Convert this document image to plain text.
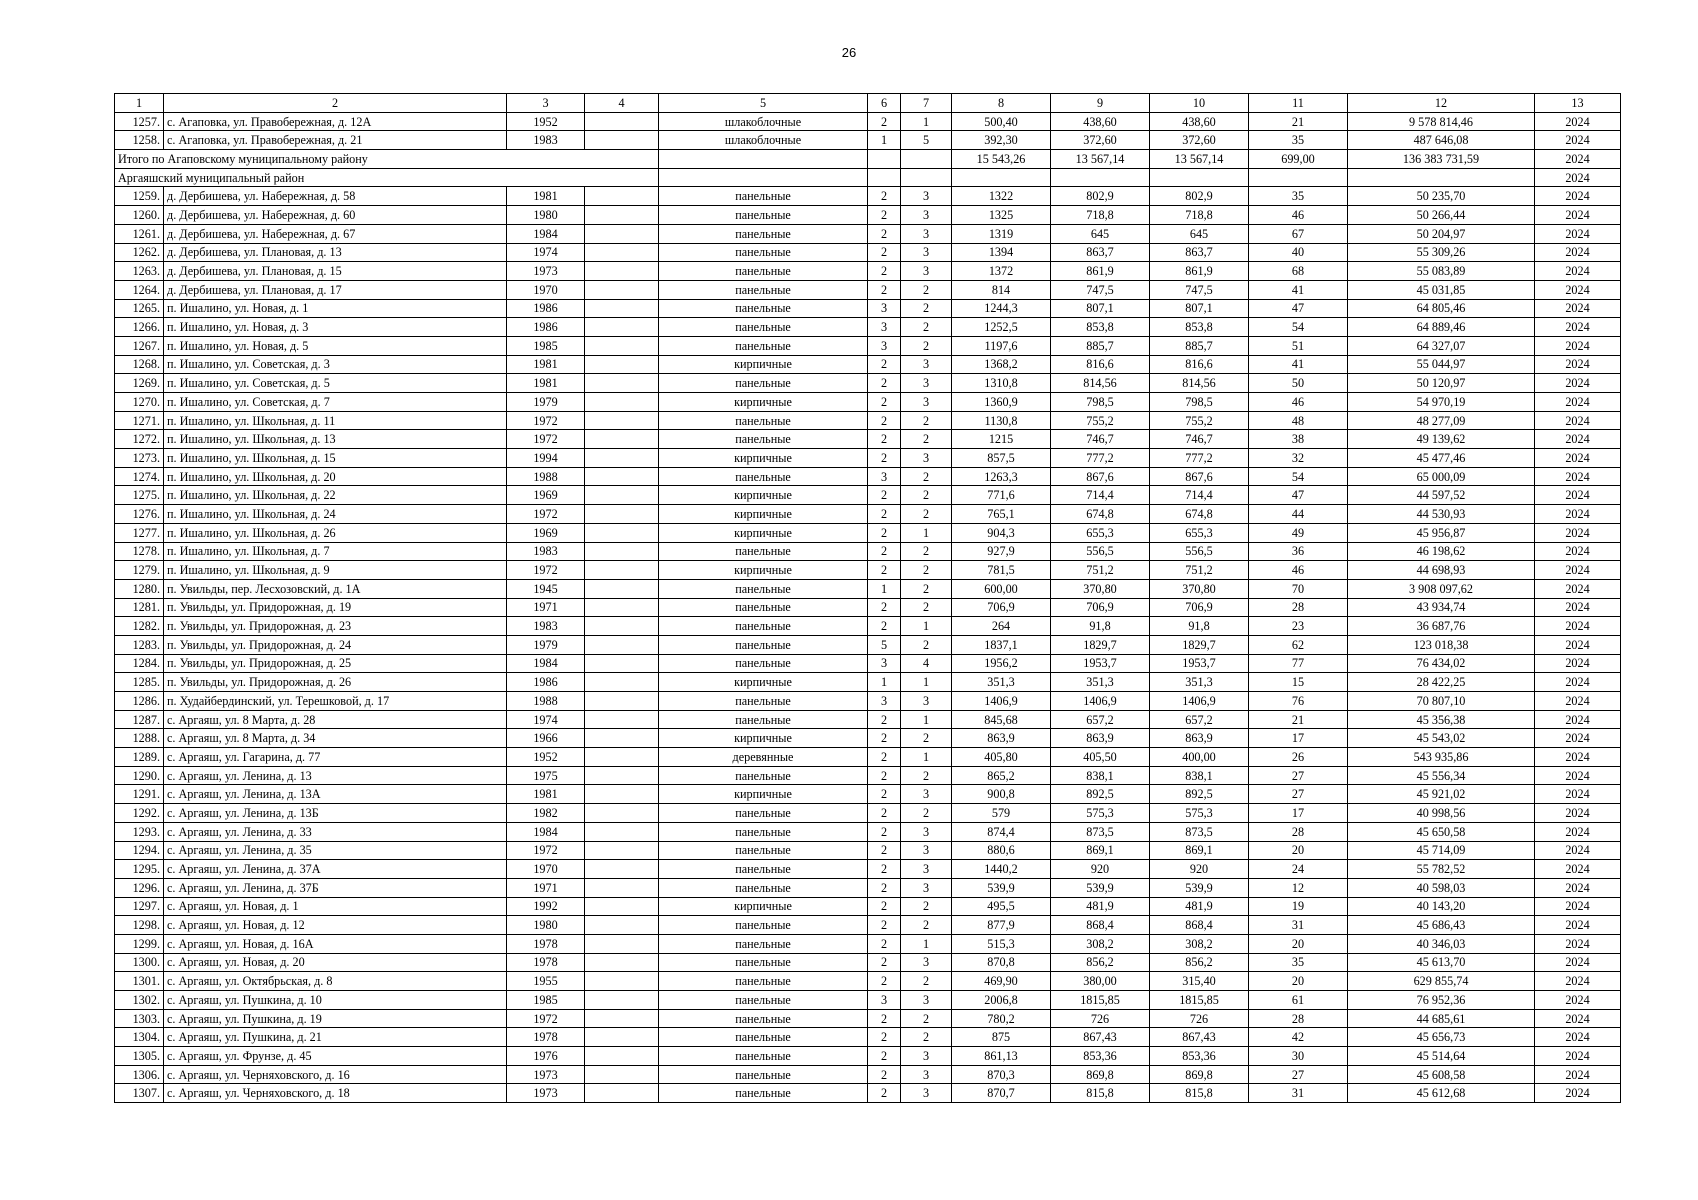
26
1	2	3	4	5	6	7	8	9	10	11	12	13
1257.	с. Агаповка, ул. Правобережная, д. 12А	1952		шлакоблочные	2	1	500,40	438,60	438,60	21	9 578 814,46	2024
1258.	с. Агаповка, ул. Правобережная, д. 21	1983		шлакоблочные	1	5	392,30	372,60	372,60	35	487 646,08	2024
Итого по Агаповскому муниципальному району							15 543,26	13 567,14	13 567,14	699,00	136 383 731,59	2024
Аргаяшский муниципальный район												2024
1259.	д. Дербишева, ул. Набережная, д. 58	1981		панельные	2	3	1322	802,9	802,9	35	50 235,70	2024
1260.	д. Дербишева, ул. Набережная, д. 60	1980		панельные	2	3	1325	718,8	718,8	46	50 266,44	2024
1261.	д. Дербишева, ул. Набережная, д. 67	1984		панельные	2	3	1319	645	645	67	50 204,97	2024
1262.	д. Дербишева, ул. Плановая, д. 13	1974		панельные	2	3	1394	863,7	863,7	40	55 309,26	2024
1263.	д. Дербишева, ул. Плановая, д. 15	1973		панельные	2	3	1372	861,9	861,9	68	55 083,89	2024
1264.	д. Дербишева, ул. Плановая, д. 17	1970		панельные	2	2	814	747,5	747,5	41	45 031,85	2024
1265.	п. Ишалино, ул. Новая, д. 1	1986		панельные	3	2	1244,3	807,1	807,1	47	64 805,46	2024
1266.	п. Ишалино, ул. Новая, д. 3	1986		панельные	3	2	1252,5	853,8	853,8	54	64 889,46	2024
1267.	п. Ишалино, ул. Новая, д. 5	1985		панельные	3	2	1197,6	885,7	885,7	51	64 327,07	2024
1268.	п. Ишалино, ул. Советская, д. 3	1981		кирпичные	2	3	1368,2	816,6	816,6	41	55 044,97	2024
1269.	п. Ишалино, ул. Советская, д. 5	1981		панельные	2	3	1310,8	814,56	814,56	50	50 120,97	2024
1270.	п. Ишалино, ул. Советская, д. 7	1979		кирпичные	2	3	1360,9	798,5	798,5	46	54 970,19	2024
1271.	п. Ишалино, ул. Школьная, д. 11	1972		панельные	2	2	1130,8	755,2	755,2	48	48 277,09	2024
1272.	п. Ишалино, ул. Школьная, д. 13	1972		панельные	2	2	1215	746,7	746,7	38	49 139,62	2024
1273.	п. Ишалино, ул. Школьная, д. 15	1994		кирпичные	2	3	857,5	777,2	777,2	32	45 477,46	2024
1274.	п. Ишалино, ул. Школьная, д. 20	1988		панельные	3	2	1263,3	867,6	867,6	54	65 000,09	2024
1275.	п. Ишалино, ул. Школьная, д. 22	1969		кирпичные	2	2	771,6	714,4	714,4	47	44 597,52	2024
1276.	п. Ишалино, ул. Школьная, д. 24	1972		кирпичные	2	2	765,1	674,8	674,8	44	44 530,93	2024
1277.	п. Ишалино, ул. Школьная, д. 26	1969		кирпичные	2	1	904,3	655,3	655,3	49	45 956,87	2024
1278.	п. Ишалино, ул. Школьная, д. 7	1983		панельные	2	2	927,9	556,5	556,5	36	46 198,62	2024
1279.	п. Ишалино, ул. Школьная, д. 9	1972		кирпичные	2	2	781,5	751,2	751,2	46	44 698,93	2024
1280.	п. Увильды, пер. Лесхозовский, д. 1А	1945		панельные	1	2	600,00	370,80	370,80	70	3 908 097,62	2024
1281.	п. Увильды, ул. Придорожная, д. 19	1971		панельные	2	2	706,9	706,9	706,9	28	43 934,74	2024
1282.	п. Увильды, ул. Придорожная, д. 23	1983		панельные	2	1	264	91,8	91,8	23	36 687,76	2024
1283.	п. Увильды, ул. Придорожная, д. 24	1979		панельные	5	2	1837,1	1829,7	1829,7	62	123 018,38	2024
1284.	п. Увильды, ул. Придорожная, д. 25	1984		панельные	3	4	1956,2	1953,7	1953,7	77	76 434,02	2024
1285.	п. Увильды, ул. Придорожная, д. 26	1986		кирпичные	1	1	351,3	351,3	351,3	15	28 422,25	2024
1286.	п. Худайбердинский, ул. Терешковой, д. 17	1988		панельные	3	3	1406,9	1406,9	1406,9	76	70 807,10	2024
1287.	с. Аргаяш, ул. 8 Марта, д. 28	1974		панельные	2	1	845,68	657,2	657,2	21	45 356,38	2024
1288.	с. Аргаяш, ул. 8 Марта, д. 34	1966		кирпичные	2	2	863,9	863,9	863,9	17	45 543,02	2024
1289.	с. Аргаяш, ул. Гагарина, д. 77	1952		деревянные	2	1	405,80	405,50	400,00	26	543 935,86	2024
1290.	с. Аргаяш, ул. Ленина, д. 13	1975		панельные	2	2	865,2	838,1	838,1	27	45 556,34	2024
1291.	с. Аргаяш, ул. Ленина, д. 13А	1981		кирпичные	2	3	900,8	892,5	892,5	27	45 921,02	2024
1292.	с. Аргаяш, ул. Ленина, д. 13Б	1982		панельные	2	2	579	575,3	575,3	17	40 998,56	2024
1293.	с. Аргаяш, ул. Ленина, д. 33	1984		панельные	2	3	874,4	873,5	873,5	28	45 650,58	2024
1294.	с. Аргаяш, ул. Ленина, д. 35	1972		панельные	2	3	880,6	869,1	869,1	20	45 714,09	2024
1295.	с. Аргаяш, ул. Ленина, д. 37А	1970		панельные	2	3	1440,2	920	920	24	55 782,52	2024
1296.	с. Аргаяш, ул. Ленина, д. 37Б	1971		панельные	2	3	539,9	539,9	539,9	12	40 598,03	2024
1297.	с. Аргаяш, ул. Новая, д. 1	1992		кирпичные	2	2	495,5	481,9	481,9	19	40 143,20	2024
1298.	с. Аргаяш, ул. Новая, д. 12	1980		панельные	2	2	877,9	868,4	868,4	31	45 686,43	2024
1299.	с. Аргаяш, ул. Новая, д. 16А	1978		панельные	2	1	515,3	308,2	308,2	20	40 346,03	2024
1300.	с. Аргаяш, ул. Новая, д. 20	1978		панельные	2	3	870,8	856,2	856,2	35	45 613,70	2024
1301.	с. Аргаяш, ул. Октябрьская, д. 8	1955		панельные	2	2	469,90	380,00	315,40	20	629 855,74	2024
1302.	с. Аргаяш, ул. Пушкина, д. 10	1985		панельные	3	3	2006,8	1815,85	1815,85	61	76 952,36	2024
1303.	с. Аргаяш, ул. Пушкина, д. 19	1972		панельные	2	2	780,2	726	726	28	44 685,61	2024
1304.	с. Аргаяш, ул. Пушкина, д. 21	1978		панельные	2	2	875	867,43	867,43	42	45 656,73	2024
1305.	с. Аргаяш, ул. Фрунзе, д. 45	1976		панельные	2	3	861,13	853,36	853,36	30	45 514,64	2024
1306.	с. Аргаяш, ул. Черняховского, д. 16	1973		панельные	2	3	870,3	869,8	869,8	27	45 608,58	2024
1307.	с. Аргаяш, ул. Черняховского, д. 18	1973		панельные	2	3	870,7	815,8	815,8	31	45 612,68	2024
